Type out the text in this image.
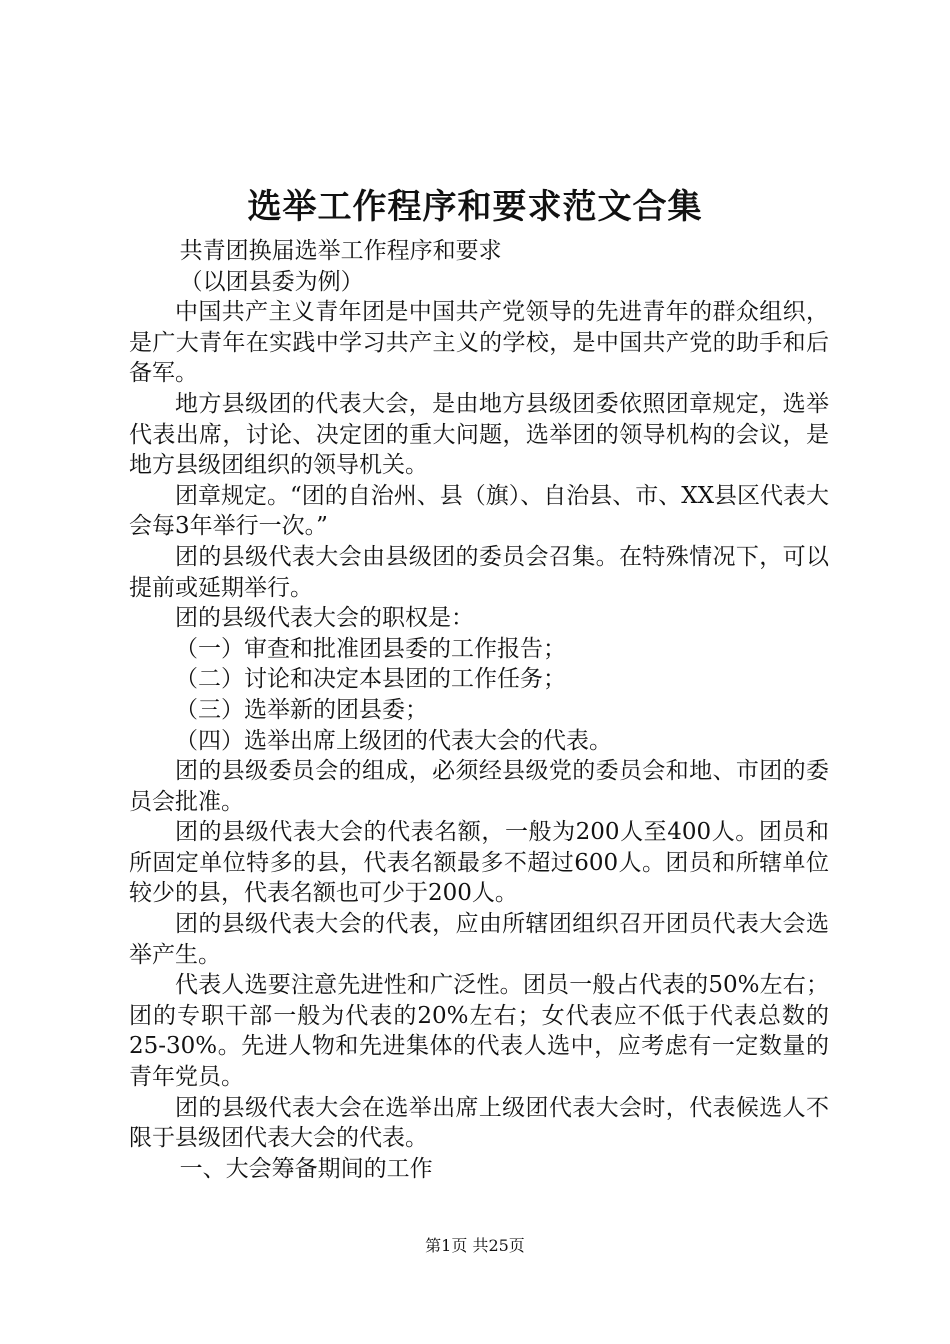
选举工作程序和要求范文合集

共青团换届选举工作程序和要求

（以团县委为例）

中国共产主义青年团是中国共产党领导的先进青年的群众组织，是广大青年在实践中学习共产主义的学校，是中国共产党的助手和后备军。

地方县级团的代表大会，是由地方县级团委依照团章规定，选举代表出席，讨论、决定团的重大问题，选举团的领导机构的会议，是地方县级团组织的领导机关。

团章规定。“团的自治州、县（旗）、自治县、市、XX县区代表大会每3年举行一次。”

团的县级代表大会由县级团的委员会召集。在特殊情况下，可以提前或延期举行。

团的县级代表大会的职权是：

（一）审查和批准团县委的工作报告；

（二）讨论和决定本县团的工作任务；

（三）选举新的团县委；

（四）选举出席上级团的代表大会的代表。

团的县级委员会的组成，必须经县级党的委员会和地、市团的委员会批准。

团的县级代表大会的代表名额，一般为200人至400人。团员和所固定单位特多的县，代表名额最多不超过600人。团员和所辖单位较少的县，代表名额也可少于200人。

团的县级代表大会的代表，应由所辖团组织召开团员代表大会选举产生。

代表人选要注意先进性和广泛性。团员一般占代表的50%左右；团的专职干部一般为代表的20%左右；女代表应不低于代表总数的25-30%。先进人物和先进集体的代表人选中，应考虑有一定数量的青年党员。

团的县级代表大会在选举出席上级团代表大会时，代表候选人不限于县级团代表大会的代表。

一、大会筹备期间的工作

第1页 共25页
